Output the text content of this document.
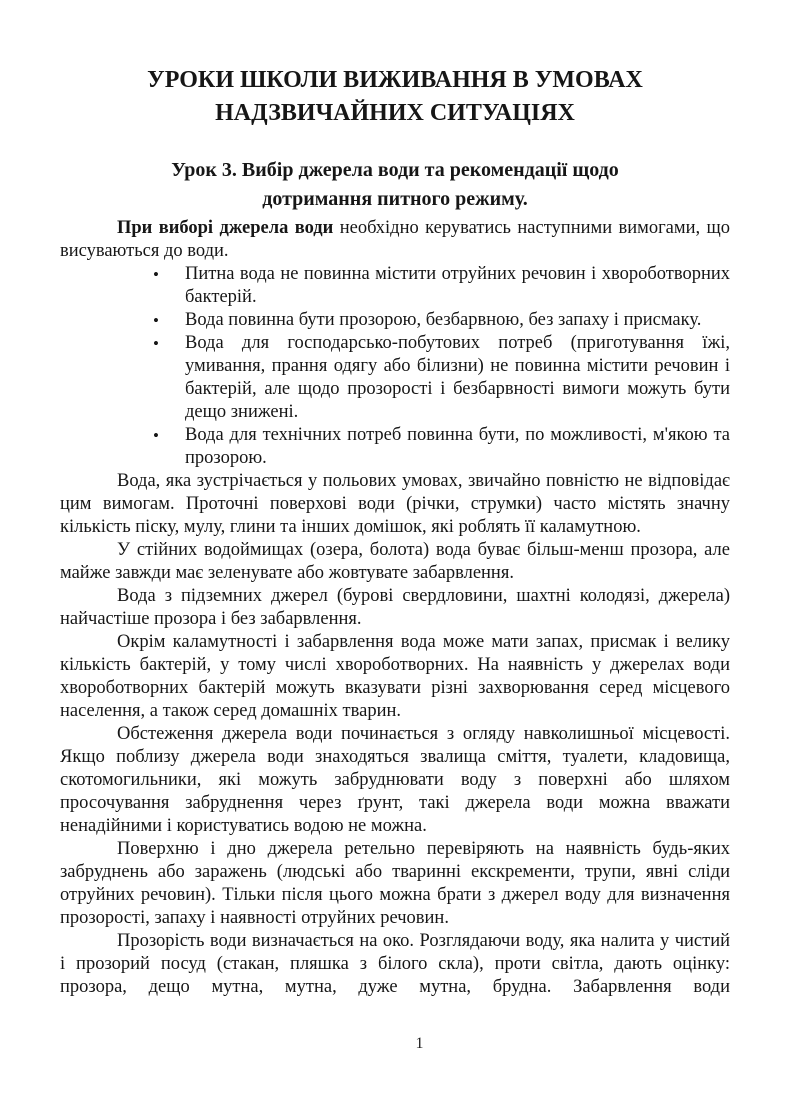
УРОКИ ШКОЛИ ВИЖИВАННЯ В УМОВАХ НАДЗВИЧАЙНИХ СИТУАЦІЯХ
Урок 3. Вибір джерела води та рекомендації щодо дотримання питного режиму.

При виборі джерела води необхідно керуватись наступними вимогами, що висуваються до води.

• Питна вода не повинна містити отруйних речовин і хвороботворних бактерій.
• Вода повинна бути прозорою, безбарвною, без запаху і присмаку.
• Вода для господарсько-побутових потреб (приготування їжі, умивання, прання одягу або білизни) не повинна містити речовин і бактерій, але щодо прозорості і безбарвності вимоги можуть бути дещо знижені.
• Вода для технічних потреб повинна бути, по можливості, м'якою та прозорою.

Вода, яка зустрічається у польових умовах, звичайно повністю не відповідає цим вимогам. Проточні поверхові води (річки, струмки) часто містять значну кількість піску, мулу, глини та інших домішок, які роблять її каламутною.

У стійних водоймищах (озера, болота) вода буває більш-менш прозора, але майже завжди має зеленувате або жовтувате забарвлення.

Вода з підземних джерел (бурові свердловини, шахтні колодязі, джерела) найчастіше прозора і без забарвлення.

Окрім каламутності і забарвлення вода може мати запах, присмак і велику кількість бактерій, у тому числі хвороботворних. На наявність у джерелах води хвороботворних бактерій можуть вказувати різні захворювання серед місцевого населення, а також серед домашніх тварин.

Обстеження джерела води починається з огляду навколишньої місцевості. Якщо поблизу джерела води знаходяться звалища сміття, туалети, кладовища, скотомогильники, які можуть забруднювати воду з поверхні або шляхом просочування забруднення через ґрунт, такі джерела води можна вважати ненадійними і користуватись водою не можна.

Поверхню і дно джерела ретельно перевіряють на наявність будь-яких забруднень або заражень (людські або тваринні екскременти, трупи, явні сліди отруйних речовин). Тільки після цього можна брати з джерел воду для визначення прозорості, запаху і наявності отруйних речовин.

Прозорість води визначається на око. Розглядаючи воду, яка налита у чистий і прозорий посуд (стакан, пляшка з білого скла), проти світла, дають оцінку: прозора, дещо мутна, мутна, дуже мутна, брудна. Забарвлення води

1
